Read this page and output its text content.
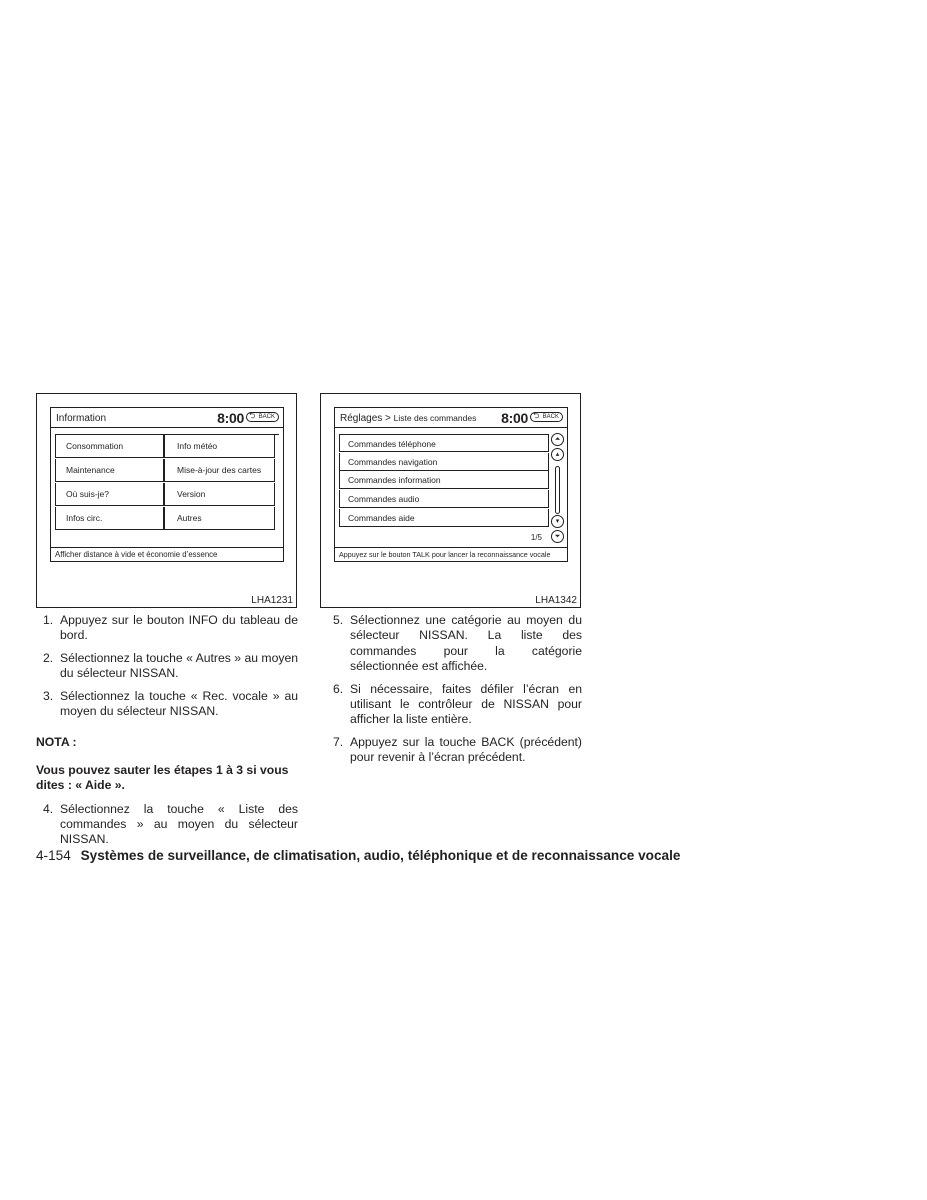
Information	8:00 ⮌ BACK
Consommation	Info météo
Maintenance	Mise-à-jour des cartes
Où suis-je?	Version
Infos circ.	Autres
Afficher distance à vide et économie d’essence
LHA1231
Réglages > Liste des commandes 8:00 ⮌ BACK
Commandes téléphone
Commandes navigation
Commandes information
Commandes audio
Commandes aide
⏶
▴
▾
⏷
1/5
Appuyez sur le bouton TALK pour lancer la reconnaissance vocale
LHA1342
1. Appuyez sur le bouton INFO du tableau de bord.
2. Sélectionnez la touche « Autres » au moyen du sélecteur NISSAN.
3. Sélectionnez la touche « Rec. vocale » au moyen du sélecteur NISSAN.
NOTA :
Vous pouvez sauter les étapes 1 à 3 si vous dites : « Aide ».
4. Sélectionnez la touche « Liste des commandes » au moyen du sélecteur NISSAN.
5. Sélectionnez une catégorie au moyen du sélecteur NISSAN. La liste des commandes pour la catégorie sélectionnée est affichée.
6. Si nécessaire, faites défiler l’écran en utilisant le contrôleur de NISSAN pour afficher la liste entière.
7. Appuyez sur la touche BACK (précédent) pour revenir à l’écran précédent.
4-154 Systèmes de surveillance, de climatisation, audio, téléphonique et de reconnaissance vocale
